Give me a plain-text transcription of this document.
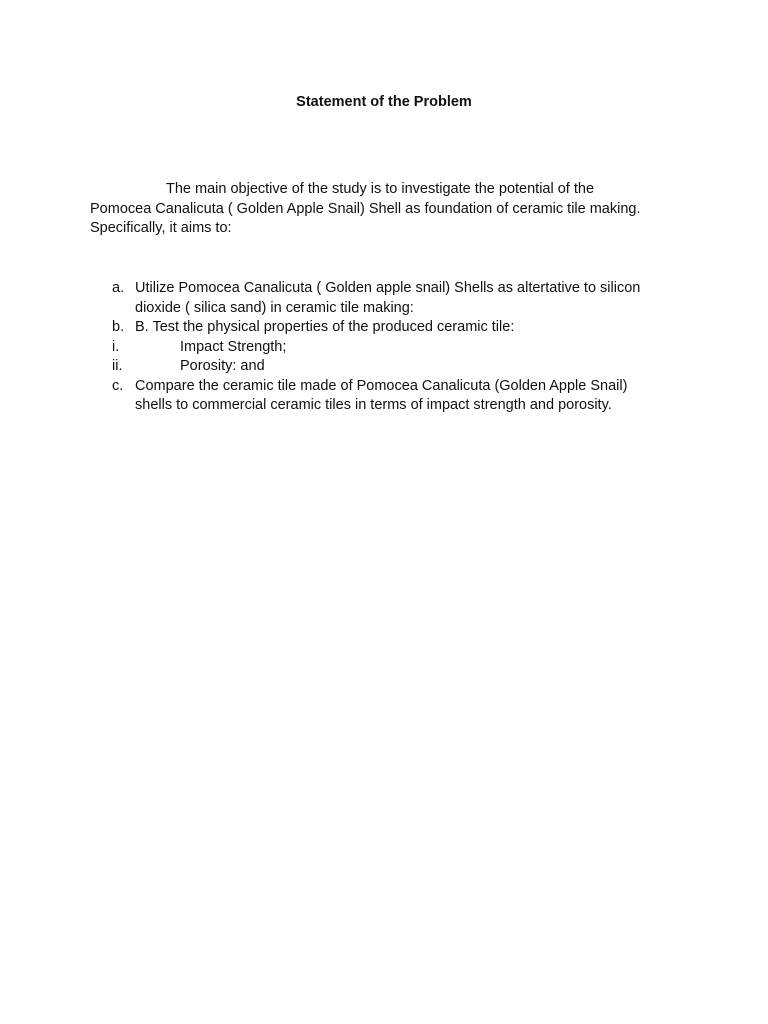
Statement of the Problem
The main objective of the study is to investigate the potential of the
Pomocea Canalicuta ( Golden Apple Snail) Shell as foundation of ceramic tile making.
Specifically, it aims to:
a. Utilize Pomocea Canalicuta ( Golden apple snail) Shells as altertative to silicon
dioxide ( silica sand) in ceramic tile making:
b. B. Test the physical properties of the produced ceramic tile:
i.	Impact Strength;
ii.	Porosity: and
c. Compare the ceramic tile made of Pomocea Canalicuta (Golden Apple Snail)
shells to commercial ceramic tiles in terms of impact strength and porosity.
